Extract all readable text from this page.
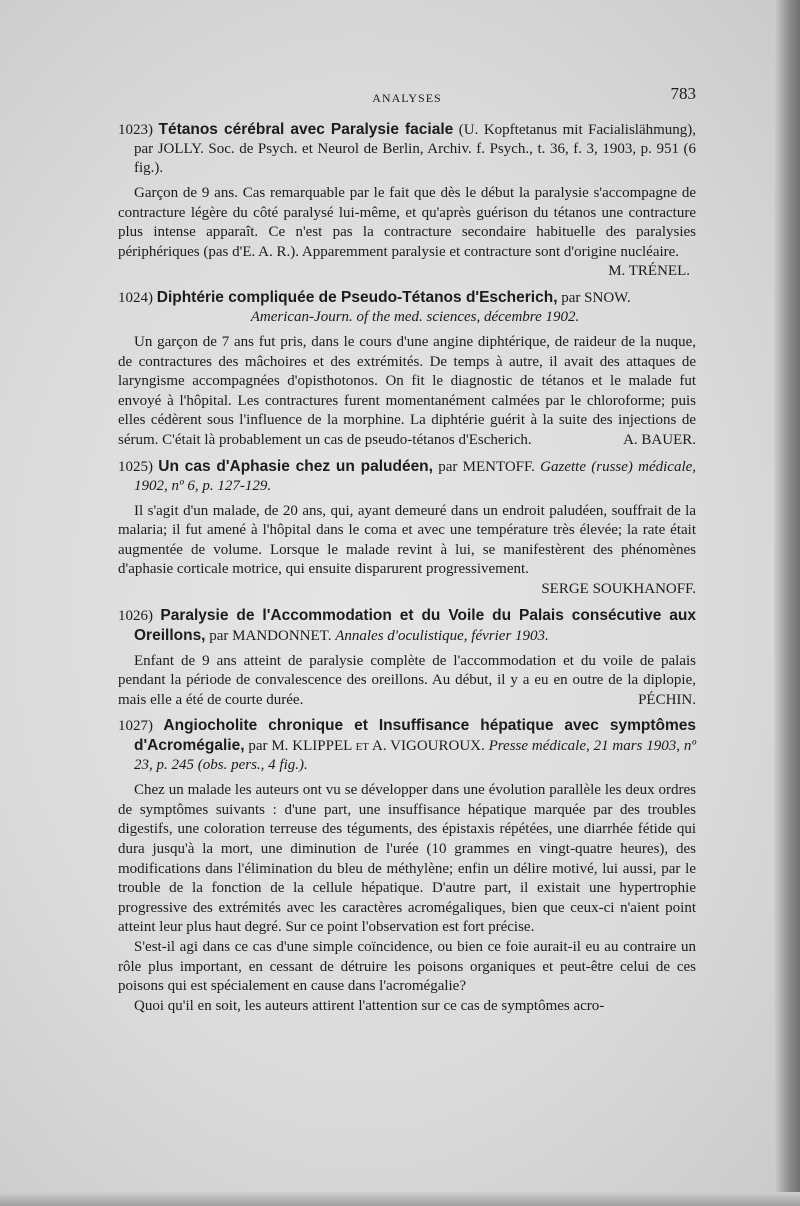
ANALYSES	783

1023) Tétanos cérébral avec Paralysie faciale (U. Kopftetanus mit Facialislähmung), par JOLLY. Soc. de Psych. et Neurol de Berlin, Archiv. f. Psych., t. 36, f. 3, 1903, p. 951 (6 fig.).

Garçon de 9 ans. Cas remarquable par le fait que dès le début la paralysie s'accompagne de contracture légère du côté paralysé lui-même, et qu'après guérison du tétanos une contracture plus intense apparaît. Ce n'est pas la contracture secondaire habituelle des paralysies périphériques (pas d'E. A. R.). Apparemment paralysie et contracture sont d'origine nucléaire.

M. TRÉNEL.

1024) Diphtérie compliquée de Pseudo-Tétanos d'Escherich, par SNOW.
American-Journ. of the med. sciences, décembre 1902.

Un garçon de 7 ans fut pris, dans le cours d'une angine diphtérique, de raideur de la nuque, de contractures des mâchoires et des extrémités. De temps à autre, il avait des attaques de laryngisme accompagnées d'opisthotonos. On fit le diagnostic de tétanos et le malade fut envoyé à l'hôpital. Les contractures furent momentanément calmées par le chloroforme; puis elles cédèrent sous l'influence de la morphine. La diphtérie guérit à la suite des injections de sérum. C'était là probablement un cas de pseudo-tétanos d'Escherich.	A. BAUER.

1025) Un cas d'Aphasie chez un paludéen, par MENTOFF. Gazette (russe) médicale, 1902, nº 6, p. 127-129.

Il s'agit d'un malade, de 20 ans, qui, ayant demeuré dans un endroit paludéen, souffrait de la malaria; il fut amené à l'hôpital dans le coma et avec une température très élevée; la rate était augmentée de volume. Lorsque le malade revint à lui, se manifestèrent des phénomènes d'aphasie corticale motrice, qui ensuite disparurent progressivement.
SERGE SOUKHANOFF.

1026) Paralysie de l'Accommodation et du Voile du Palais consécutive aux Oreillons, par MANDONNET. Annales d'oculistique, février 1903.

Enfant de 9 ans atteint de paralysie complète de l'accommodation et du voile de palais pendant la période de convalescence des oreillons. Au début, il y a eu en outre de la diplopie, mais elle a été de courte durée.	PÉCHIN.

1027) Angiocholite chronique et Insuffisance hépatique avec symptômes d'Acromégalie, par M. KLIPPEL et A. VIGOUROUX. Presse médicale, 21 mars 1903, nº 23, p. 245 (obs. pers., 4 fig.).

Chez un malade les auteurs ont vu se développer dans une évolution parallèle les deux ordres de symptômes suivants : d'une part, une insuffisance hépatique marquée par des troubles digestifs, une coloration terreuse des téguments, des épistaxis répétées, une diarrhée fétide qui dura jusqu'à la mort, une diminution de l'urée (10 grammes en vingt-quatre heures), des modifications dans l'élimination du bleu de méthylène; enfin un délire motivé, lui aussi, par le trouble de la fonction de la cellule hépatique. D'autre part, il existait une hypertrophie progressive des extrémités avec les caractères acromégaliques, bien que ceux-ci n'aient point atteint leur plus haut degré. Sur ce point l'observation est fort précise.

S'est-il agi dans ce cas d'une simple coïncidence, ou bien ce foie aurait-il eu au contraire un rôle plus important, en cessant de détruire les poisons organiques et peut-être celui de ces poisons qui est spécialement en cause dans l'acromégalie?

Quoi qu'il en soit, les auteurs attirent l'attention sur ce cas de symptômes acro-
